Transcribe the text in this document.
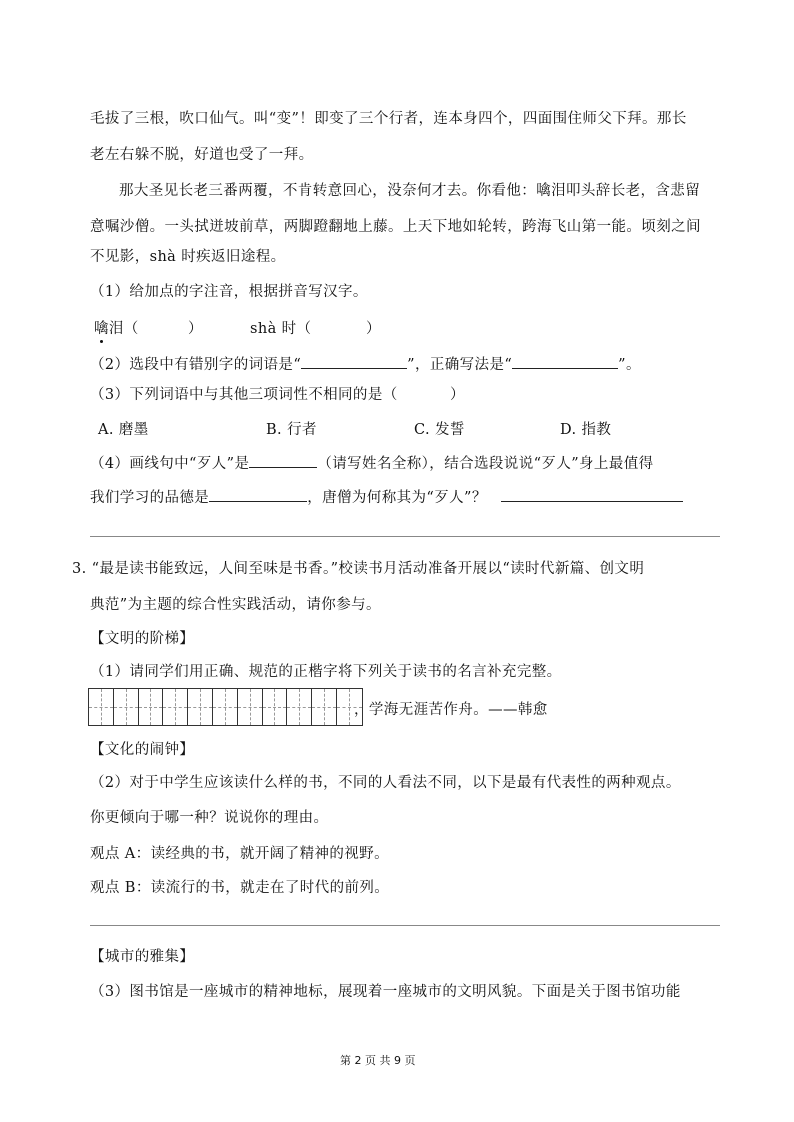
毛拔了三根，吹口仙气。叫“变”！即变了三个行者，连本身四个，四面围住师父下拜。那长
老左右躲不脱，好道也受了一拜。
那大圣见长老三番两覆，不肯转意回心，没奈何才去。你看他：噙泪叩头辞长老，含悲留
意嘱沙僧。一头拭迸坡前草，两脚蹬翻地上藤。上天下地如轮转，跨海飞山第一能。顷刻之间
不见影，shà 时疾返旧途程。
（1）给加点的字注音，根据拼音写汉字。
噙泪（	）	shà 时（	）
（2）选段中有错别字的词语是“	”，正确写法是“	”。
（3）下列词语中与其他三项词性不相同的是（	）
A. 磨墨	B. 行者	C. 发誓	D. 指教
（4）画线句中“歹人”是	（请写姓名全称），结合选段说说“歹人”身上最值得
我们学习的品德是	，唐僧为何称其为“歹人”？
3. “最是读书能致远，人间至味是书香。”校读书月活动准备开展以“读时代新篇、创文明
典范”为主题的综合性实践活动，请你参与。
【文明的阶梯】
（1）请同学们用正确、规范的正楷字将下列关于读书的名言补充完整。
，学海无涯苦作舟。——韩愈
【文化的闹钟】
（2）对于中学生应该读什么样的书，不同的人看法不同，以下是最有代表性的两种观点。
你更倾向于哪一种？说说你的理由。
观点 A：读经典的书，就开阔了精神的视野。
观点 B：读流行的书，就走在了时代的前列。
【城市的雅集】
（3）图书馆是一座城市的精神地标，展现着一座城市的文明风貌。下面是关于图书馆功能
第 2 页 共 9 页
